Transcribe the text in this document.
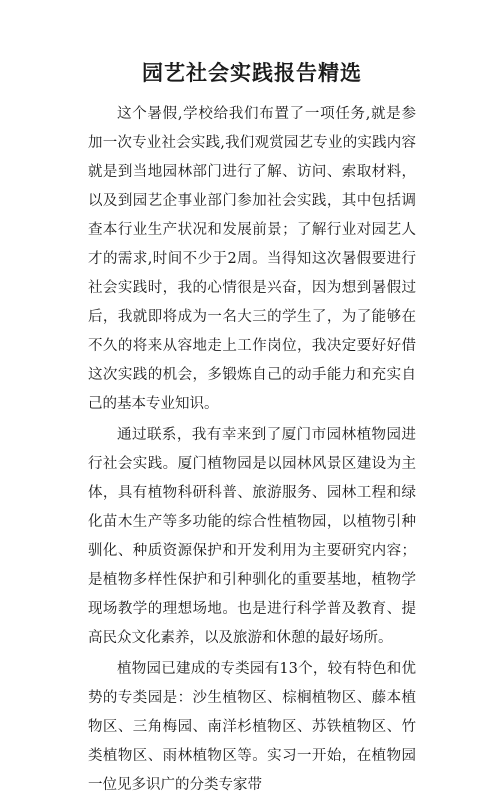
园艺社会实践报告精选

这个暑假,学校给我们布置了一项任务,就是参加一次专业社会实践,我们观赏园艺专业的实践内容就是到当地园林部门进行了解、访问、索取材料，以及到园艺企事业部门参加社会实践，其中包括调查本行业生产状况和发展前景；了解行业对园艺人才的需求,时间不少于2周。当得知这次暑假要进行社会实践时，我的心情很是兴奋，因为想到暑假过后，我就即将成为一名大三的学生了，为了能够在不久的将来从容地走上工作岗位，我决定要好好借这次实践的机会，多锻炼自己的动手能力和充实自己的基本专业知识。

通过联系，我有幸来到了厦门市园林植物园进行社会实践。厦门植物园是以园林风景区建设为主体，具有植物科研科普、旅游服务、园林工程和绿化苗木生产等多功能的综合性植物园，以植物引种驯化、种质资源保护和开发利用为主要研究内容；是植物多样性保护和引种驯化的重要基地，植物学现场教学的理想场地。也是进行科学普及教育、提高民众文化素养，以及旅游和休憩的最好场所。

植物园已建成的专类园有13个，较有特色和优势的专类园是：沙生植物区、棕榈植物区、藤本植物区、三角梅园、南洋杉植物区、苏铁植物区、竹类植物区、雨林植物区等。实习一开始，在植物园一位见多识广的分类专家带
